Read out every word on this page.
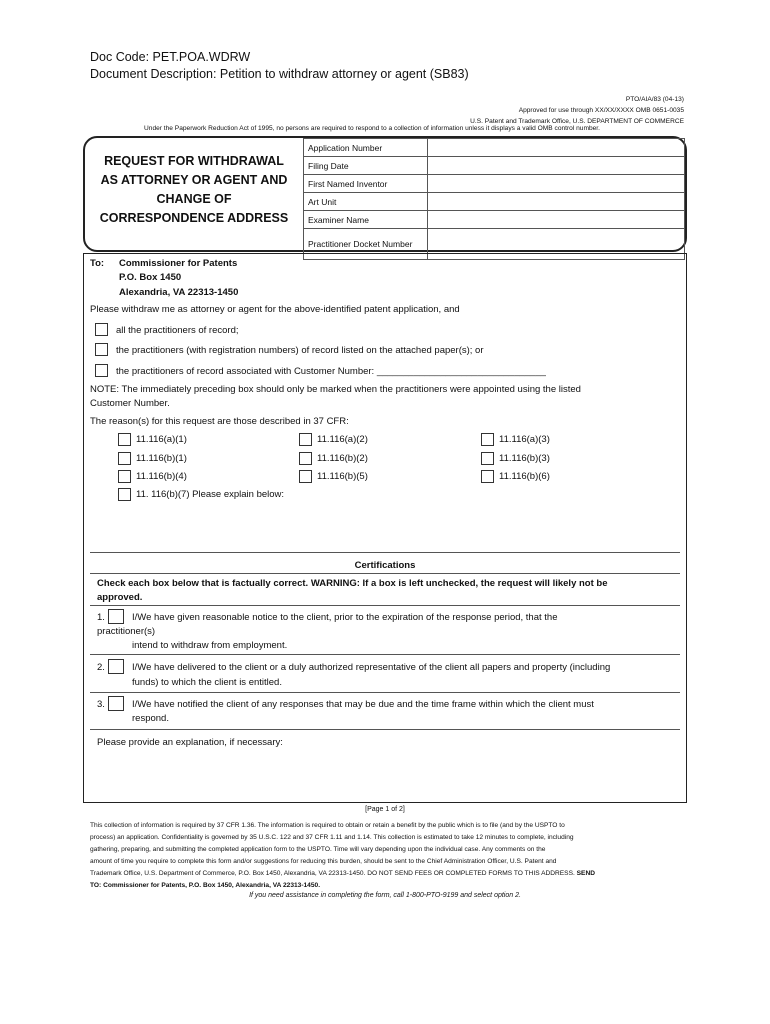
Doc Code: PET.POA.WDRW
Document Description: Petition to withdraw attorney or agent (SB83)
PTO/AIA/83 (04-13)
Approved for use through XX/XX/XXXX OMB 0651-0035
U.S. Patent and Trademark Office, U.S. DEPARTMENT OF COMMERCE
Under the Paperwork Reduction Act of 1995, no persons are required to respond to a collection of information unless it displays a valid OMB control number.
REQUEST FOR WITHDRAWAL
AS ATTORNEY OR AGENT AND
CHANGE OF
CORRESPONDENCE ADDRESS
Application Number	
Filing Date	
First Named Inventor	
Art Unit	
Examiner Name	
Practitioner Docket Number	
To: Commissioner for Patents
P.O. Box 1450
Alexandria, VA 22313-1450
Please withdraw me as attorney or agent for the above-identified patent application, and
all the practitioners of record;
the practitioners (with registration numbers) of record listed on the attached paper(s); or
the practitioners of record associated with Customer Number: ________________________________
NOTE: The immediately preceding box should only be marked when the practitioners were appointed using the listed
Customer Number.
The reason(s) for this request are those described in 37 CFR:
11.116(a)(1)	11.116(a)(2)	11.116(a)(3)
11.116(b)(1)	11.116(b)(2)	11.116(b)(3)
11.116(b)(4)	11.116(b)(5)	11.116(b)(6)
11. 116(b)(7) Please explain below:
Certifications
Check each box below that is factually correct. WARNING: If a box is left unchecked, the request will likely not be
approved.
1.	I/We have given reasonable notice to the client, prior to the expiration of the response period, that the
practitioner(s)
intend to withdraw from employment.
2.	I/We have delivered to the client or a duly authorized representative of the client all papers and property (including
funds) to which the client is entitled.
3.	I/We have notified the client of any responses that may be due and the time frame within which the client must
respond.
Please provide an explanation, if necessary:
[Page 1 of 2]
This collection of information is required by 37 CFR 1.36. The information is required to obtain or retain a benefit by the public which is to file (and by the USPTO to
process) an application. Confidentiality is governed by 35 U.S.C. 122 and 37 CFR 1.11 and 1.14. This collection is estimated to take 12 minutes to complete, including
gathering, preparing, and submitting the completed application form to the USPTO. Time will vary depending upon the individual case. Any comments on the
amount of time you require to complete this form and/or suggestions for reducing this burden, should be sent to the Chief Administration Officer, U.S. Patent and
Trademark Office, U.S. Department of Commerce, P.O. Box 1450, Alexandria, VA 22313-1450. DO NOT SEND FEES OR COMPLETED FORMS TO THIS ADDRESS. SEND
TO: Commissioner for Patents, P.O. Box 1450, Alexandria, VA 22313-1450.
If you need assistance in completing the form, call 1-800-PTO-9199 and select option 2.
